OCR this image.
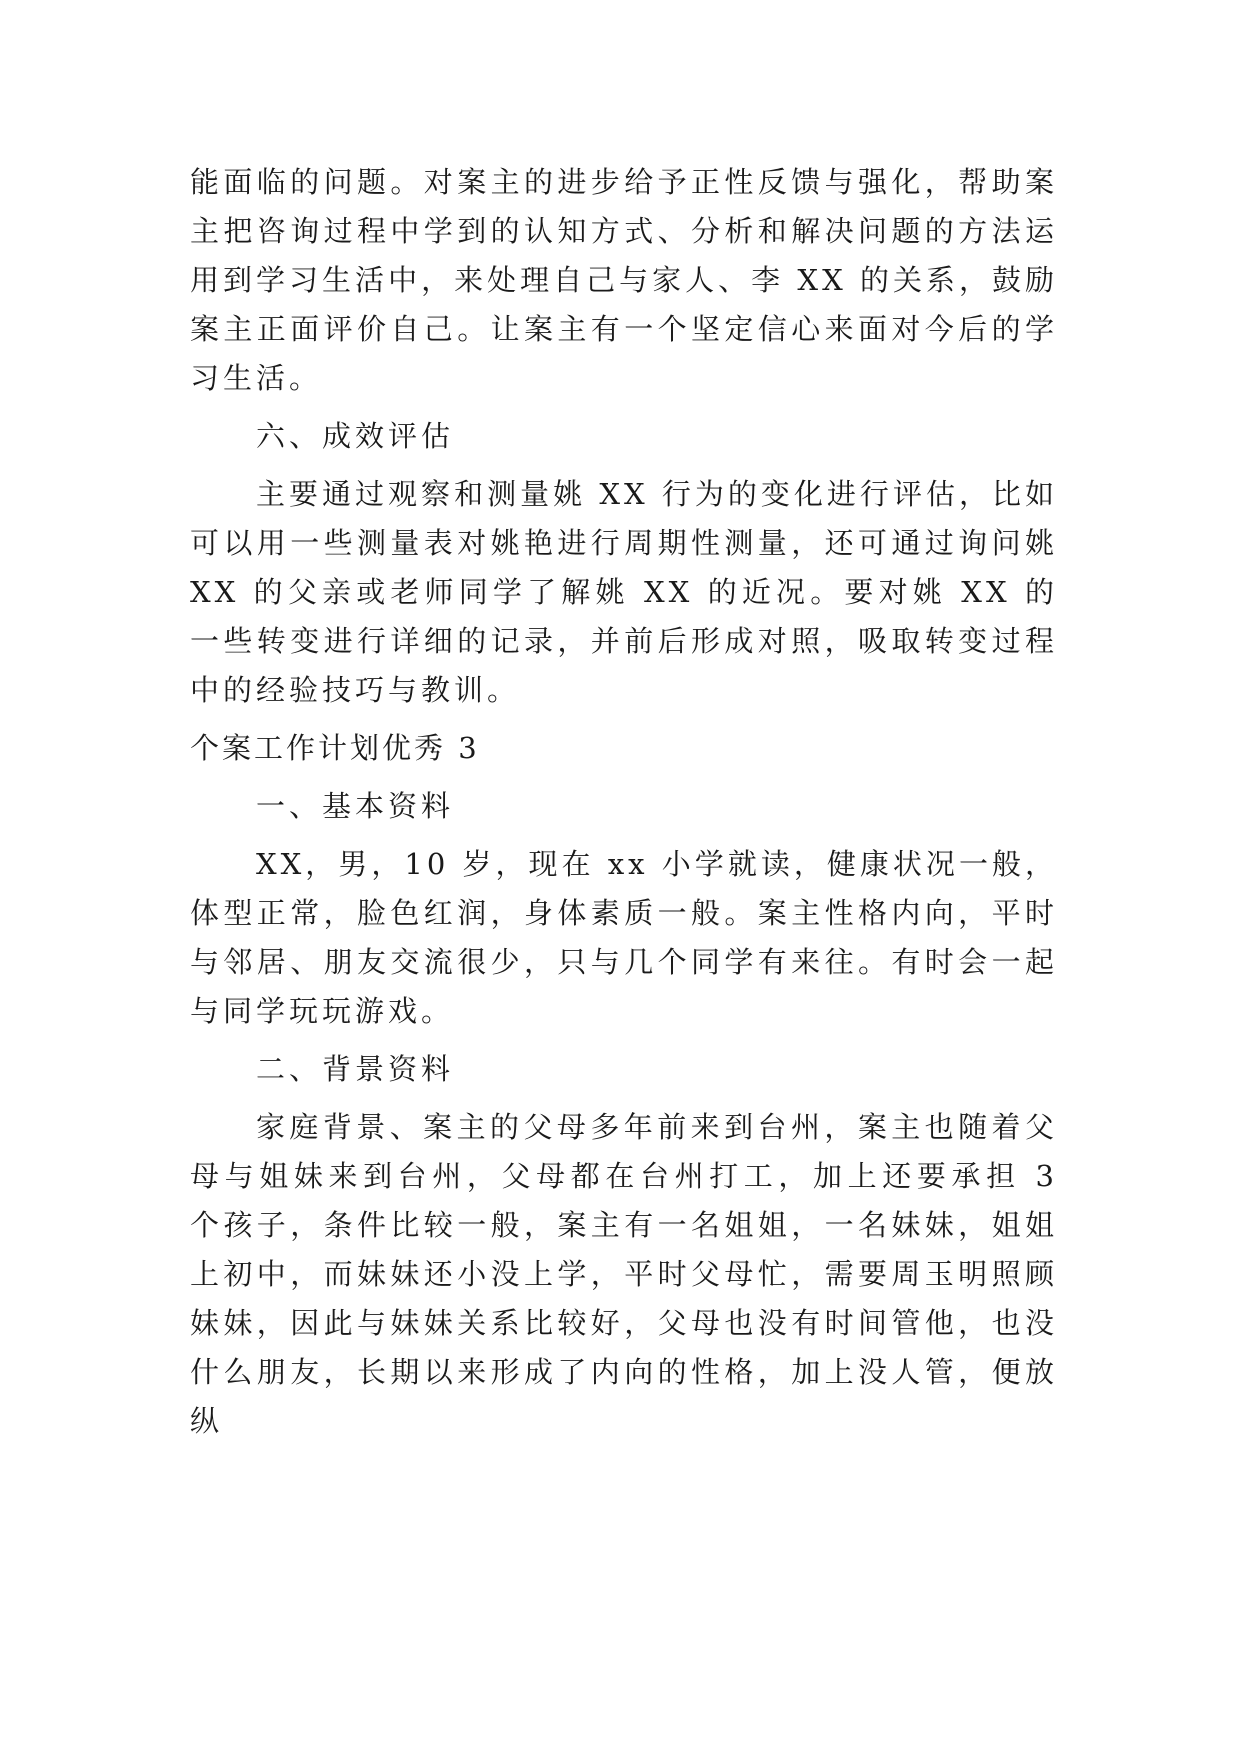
能面临的问题。对案主的进步给予正性反馈与强化，帮助案主把咨询过程中学到的认知方式、分析和解决问题的方法运用到学习生活中，来处理自己与家人、李 XX 的关系，鼓励案主正面评价自己。让案主有一个坚定信心来面对今后的学习生活。

六、成效评估

主要通过观察和测量姚 XX 行为的变化进行评估，比如可以用一些测量表对姚艳进行周期性测量，还可通过询问姚 XX 的父亲或老师同学了解姚 XX 的近况。要对姚 XX 的一些转变进行详细的记录，并前后形成对照，吸取转变过程中的经验技巧与教训。

个案工作计划优秀 3

一、基本资料

XX，男，10 岁，现在 xx 小学就读，健康状况一般，体型正常，脸色红润，身体素质一般。案主性格内向，平时与邻居、朋友交流很少，只与几个同学有来往。有时会一起与同学玩玩游戏。

二、背景资料

家庭背景、案主的父母多年前来到台州，案主也随着父母与姐妹来到台州，父母都在台州打工，加上还要承担 3 个孩子，条件比较一般，案主有一名姐姐，一名妹妹，姐姐上初中，而妹妹还小没上学，平时父母忙，需要周玉明照顾妹妹，因此与妹妹关系比较好，父母也没有时间管他，也没什么朋友，长期以来形成了内向的性格，加上没人管，便放纵
